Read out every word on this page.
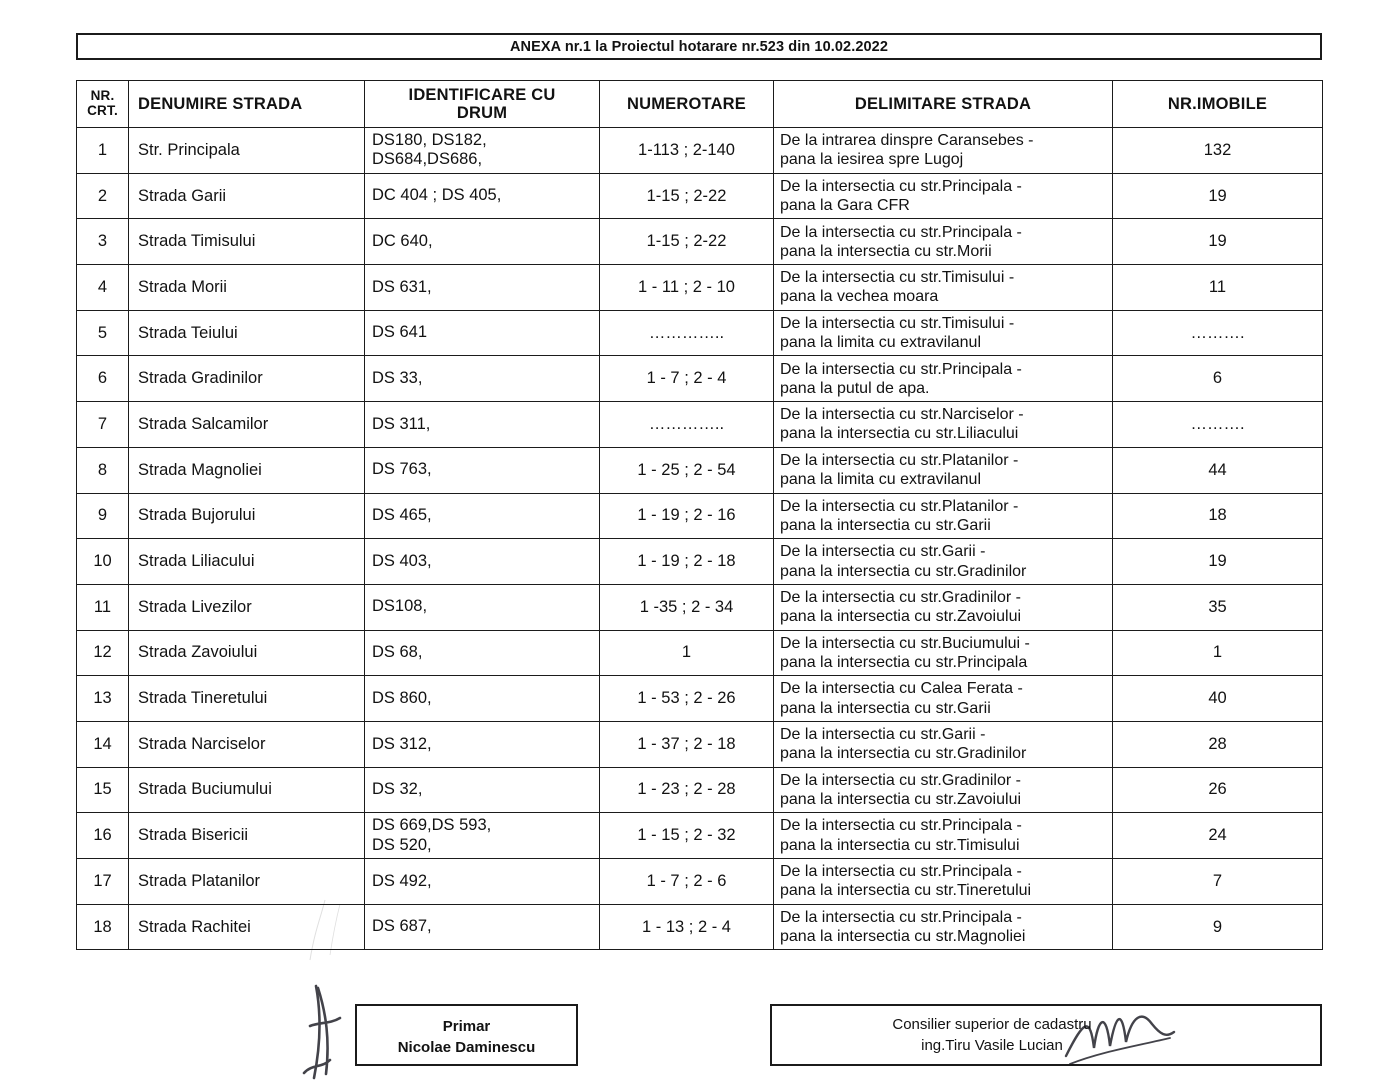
ANEXA nr.1 la Proiectul hotarare nr.523 din 10.02.2022
NR.
CRT.	DENUMIRE STRADA	IDENTIFICARE CU
DRUM	NUMEROTARE	DELIMITARE STRADA	NR.IMOBILE
1	Str. Principala	DS180, DS182,
DS684,DS686,	1-113 ; 2-140	De la intrarea dinspre Caransebes -
pana la iesirea spre Lugoj	132
2	Strada Garii	DC 404 ; DS 405,	1-15 ; 2-22	De la intersectia cu str.Principala -
pana la Gara CFR	19
3	Strada Timisului	DC 640,	1-15 ; 2-22	De la intersectia cu str.Principala -
pana la intersectia cu str.Morii	19
4	Strada Morii	DS 631,	1 - 11 ; 2 - 10	De la intersectia cu str.Timisului -
pana la vechea moara	11
5	Strada Teiului	DS 641	…………..	De la intersectia cu str.Timisului -
pana la limita cu extravilanul	……….
6	Strada Gradinilor	DS 33,	1 - 7 ; 2 - 4	De la intersectia cu str.Principala -
pana la putul de apa.	6
7	Strada Salcamilor	DS 311,	…………..	De la intersectia cu str.Narciselor -
pana la intersectia cu str.Liliacului	……….
8	Strada Magnoliei	DS 763,	1 - 25 ; 2 - 54	De la intersectia cu str.Platanilor -
pana la limita cu extravilanul	44
9	Strada Bujorului	DS 465,	1 - 19 ; 2 - 16	De la intersectia cu str.Platanilor -
pana la intersectia cu str.Garii	18
10	Strada Liliacului	DS 403,	1 - 19 ; 2 - 18	De la intersectia cu str.Garii -
pana la intersectia cu str.Gradinilor	19
11	Strada Livezilor	DS108,	1 -35 ; 2 - 34	De la intersectia cu str.Gradinilor -
pana la intersectia cu str.Zavoiului	35
12	Strada Zavoiului	DS 68,	1	De la intersectia cu str.Buciumului -
pana la intersectia cu str.Principala	1
13	Strada Tineretului	DS 860,	1 - 53 ; 2 - 26	De la intersectia cu Calea Ferata -
pana la intersectia cu str.Garii	40
14	Strada Narciselor	DS 312,	1 - 37 ; 2 - 18	De la intersectia cu str.Garii -
pana la intersectia cu str.Gradinilor	28
15	Strada Buciumului	DS 32,	1 - 23 ; 2 - 28	De la intersectia cu str.Gradinilor -
pana la intersectia cu str.Zavoiului	26
16	Strada Bisericii	DS 669,DS 593,
DS 520,	1 - 15 ; 2 - 32	De la intersectia cu str.Principala -
pana la intersectia cu str.Timisului	24
17	Strada Platanilor	DS 492,	1 - 7 ; 2 - 6	De la intersectia cu str.Principala -
pana la intersectia cu str.Tineretului	7
18	Strada Rachitei	DS 687,	1 - 13 ; 2 - 4	De la intersectia cu str.Principala -
pana la intersectia cu str.Magnoliei	9
Primar
Nicolae Daminescu
Consilier superior de cadastru
ing.Tiru Vasile Lucian
